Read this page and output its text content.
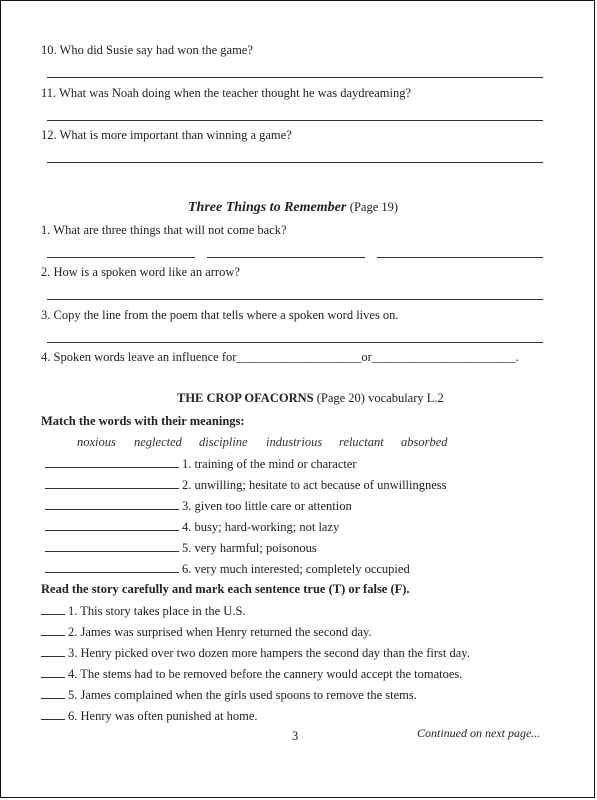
10. Who did Susie say had won the game?
11. What was Noah doing when the teacher thought he was daydreaming?
12. What is more important than winning a game?
Three Things to Remember (Page 19)
1. What are three things that will not come back?
2. How is a spoken word like an arrow?
3. Copy the line from the poem that tells where a spoken word lives on.
4. Spoken words leave an influence for____________________or_______________________.
THE CROP OFACORNS (Page 20) vocabulary L.2
Match the words with their meanings:
noxious neglected discipline industrious reluctant absorbed
1. training of the mind or character
2. unwilling; hesitate to act because of unwillingness
3. given too little care or attention
4. busy; hard-working; not lazy
5. very harmful; poisonous
6. very much interested; completely occupied
Read the story carefully and mark each sentence true (T) or false (F).
1. This story takes place in the U.S.
2. James was surprised when Henry returned the second day.
3. Henry picked over two dozen more hampers the second day than the first day.
4. The stems had to be removed before the cannery would accept the tomatoes.
5. James complained when the girls used spoons to remove the stems.
6. Henry was often punished at home.
3	Continued on next page...
